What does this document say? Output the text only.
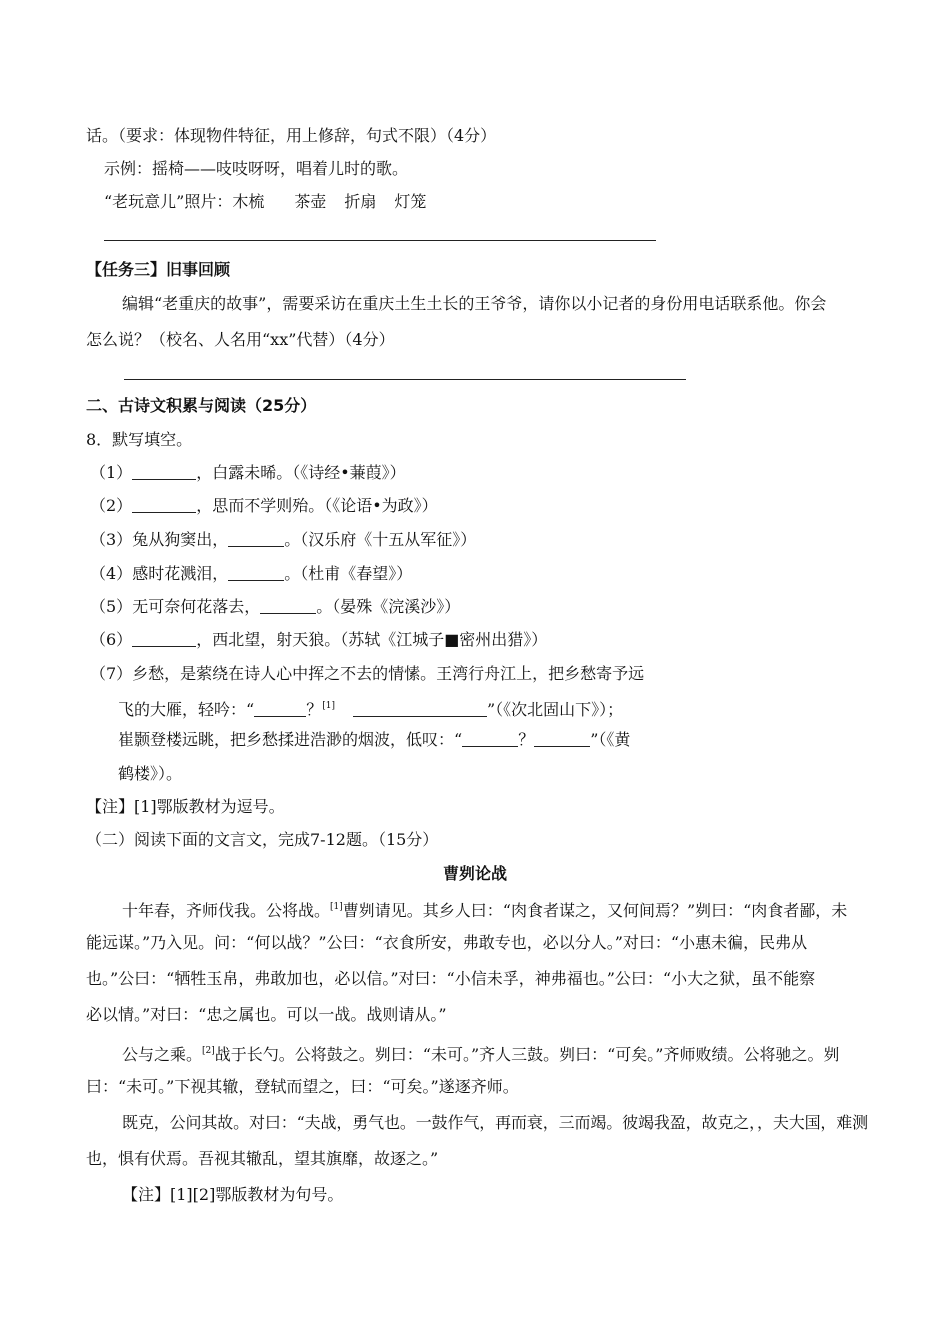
话。（要求：体现物件特征，用上修辞，句式不限）（4分）
示例：摇椅——吱吱呀呀，唱着儿时的歌。
“老玩意儿”照片：木梳 茶壶 折扇 灯笼
【任务三】旧事回顾
编辑“老重庆的故事”，需要采访在重庆土生土长的王爷爷，请你以小记者的身份用电话联系他。你会
怎么说？（校名、人名用“xx”代替）（4分）
二、古诗文积累与阅读（25分）
8．默写填空。
（1）	，白露未晞。（《诗经•蒹葭》）
（2）	，思而不学则殆。（《论语•为政》）
（3）兔从狗窦出，	。（汉乐府《十五从军征》）
（4）感时花溅泪，	。（杜甫《春望》）
（5）无可奈何花落去，	。（晏殊《浣溪沙》）
（6）	，西北望，射天狼。（苏轼《江城子■密州出猎》）
（7）乡愁，是萦绕在诗人心中挥之不去的情愫。王湾行舟江上，把乡愁寄予远
飞的大雁，轻吟：“	？[1]	”（《次北固山下》）；
崔颢登楼远眺，把乡愁揉进浩渺的烟波，低叹：“	？	”（《黄
鹤楼》）。
【注】[1]鄂版教材为逗号。
（二）阅读下面的文言文，完成7-12题。（15分）
曹刿论战
十年春，齐师伐我。公将战。[1]曹刿请见。其乡人曰：“肉食者谋之，又何间焉？”刿曰：“肉食者鄙，未
能远谋。”乃入见。问：“何以战？”公曰：“衣食所安，弗敢专也，必以分人。”对曰：“小惠未徧，民弗从
也。”公曰：“牺牲玉帛，弗敢加也，必以信。”对曰：“小信未孚，神弗福也。”公曰：“小大之狱，虽不能察
必以情。”对曰：“忠之属也。可以一战。战则请从。”
公与之乘。[2]战于长勺。公将鼓之。刿曰：“未可。”齐人三鼓。刿曰：“可矣。”齐师败绩。公将驰之。刿
曰：“未可。”下视其辙，登轼而望之，曰：“可矣。”遂逐齐师。
既克，公问其故。对曰：“夫战，勇气也。一鼓作气，再而衰，三而竭。彼竭我盈，故克之，，夫大国，难测
也，惧有伏焉。吾视其辙乱，望其旗靡，故逐之。”
【注】[1][2]鄂版教材为句号。
